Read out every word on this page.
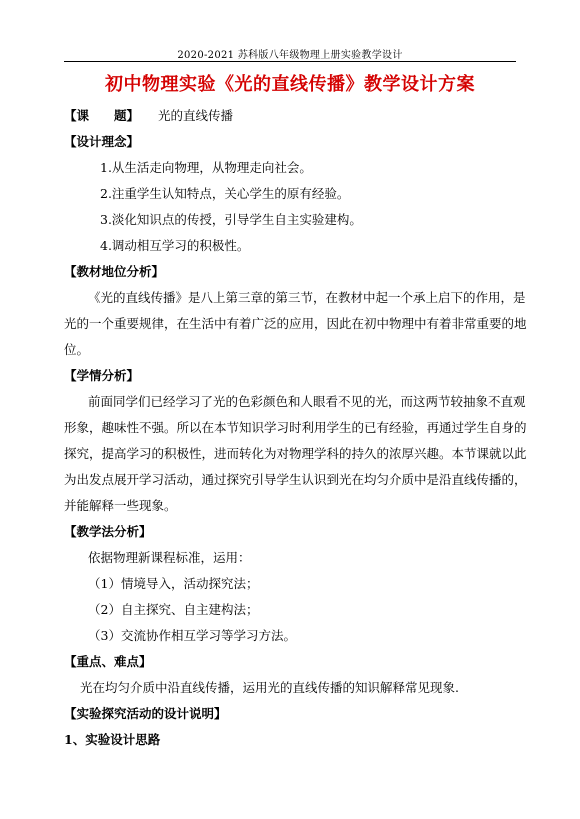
2020-2021 苏科版八年级物理上册实验教学设计
初中物理实验《光的直线传播》教学设计方案
【课　　题】 光的直线传播
【设计理念】
1.从生活走向物理，从物理走向社会。
2.注重学生认知特点，关心学生的原有经验。
3.淡化知识点的传授，引导学生自主实验建构。
4.调动相互学习的积极性。
【教材地位分析】
《光的直线传播》是八上第三章的第三节，在教材中起一个承上启下的作用，是
光的一个重要规律，在生活中有着广泛的应用，因此在初中物理中有着非常重要的地
位。
【学情分析】
前面同学们已经学习了光的色彩颜色和人眼看不见的光，而这两节较抽象不直观
形象，趣味性不强。所以在本节知识学习时利用学生的已有经验，再通过学生自身的
探究，提高学习的积极性，进而转化为对物理学科的持久的浓厚兴趣。本节课就以此
为出发点展开学习活动，通过探究引导学生认识到光在均匀介质中是沿直线传播的，
并能解释一些现象。
【教学法分析】
依据物理新课程标准，运用：
（1）情境导入，活动探究法；
（2）自主探究、自主建构法；
（3）交流协作相互学习等学习方法。
【重点、难点】
光在均匀介质中沿直线传播，运用光的直线传播的知识解释常见现象.
【实验探究活动的设计说明】
1、实验设计思路
